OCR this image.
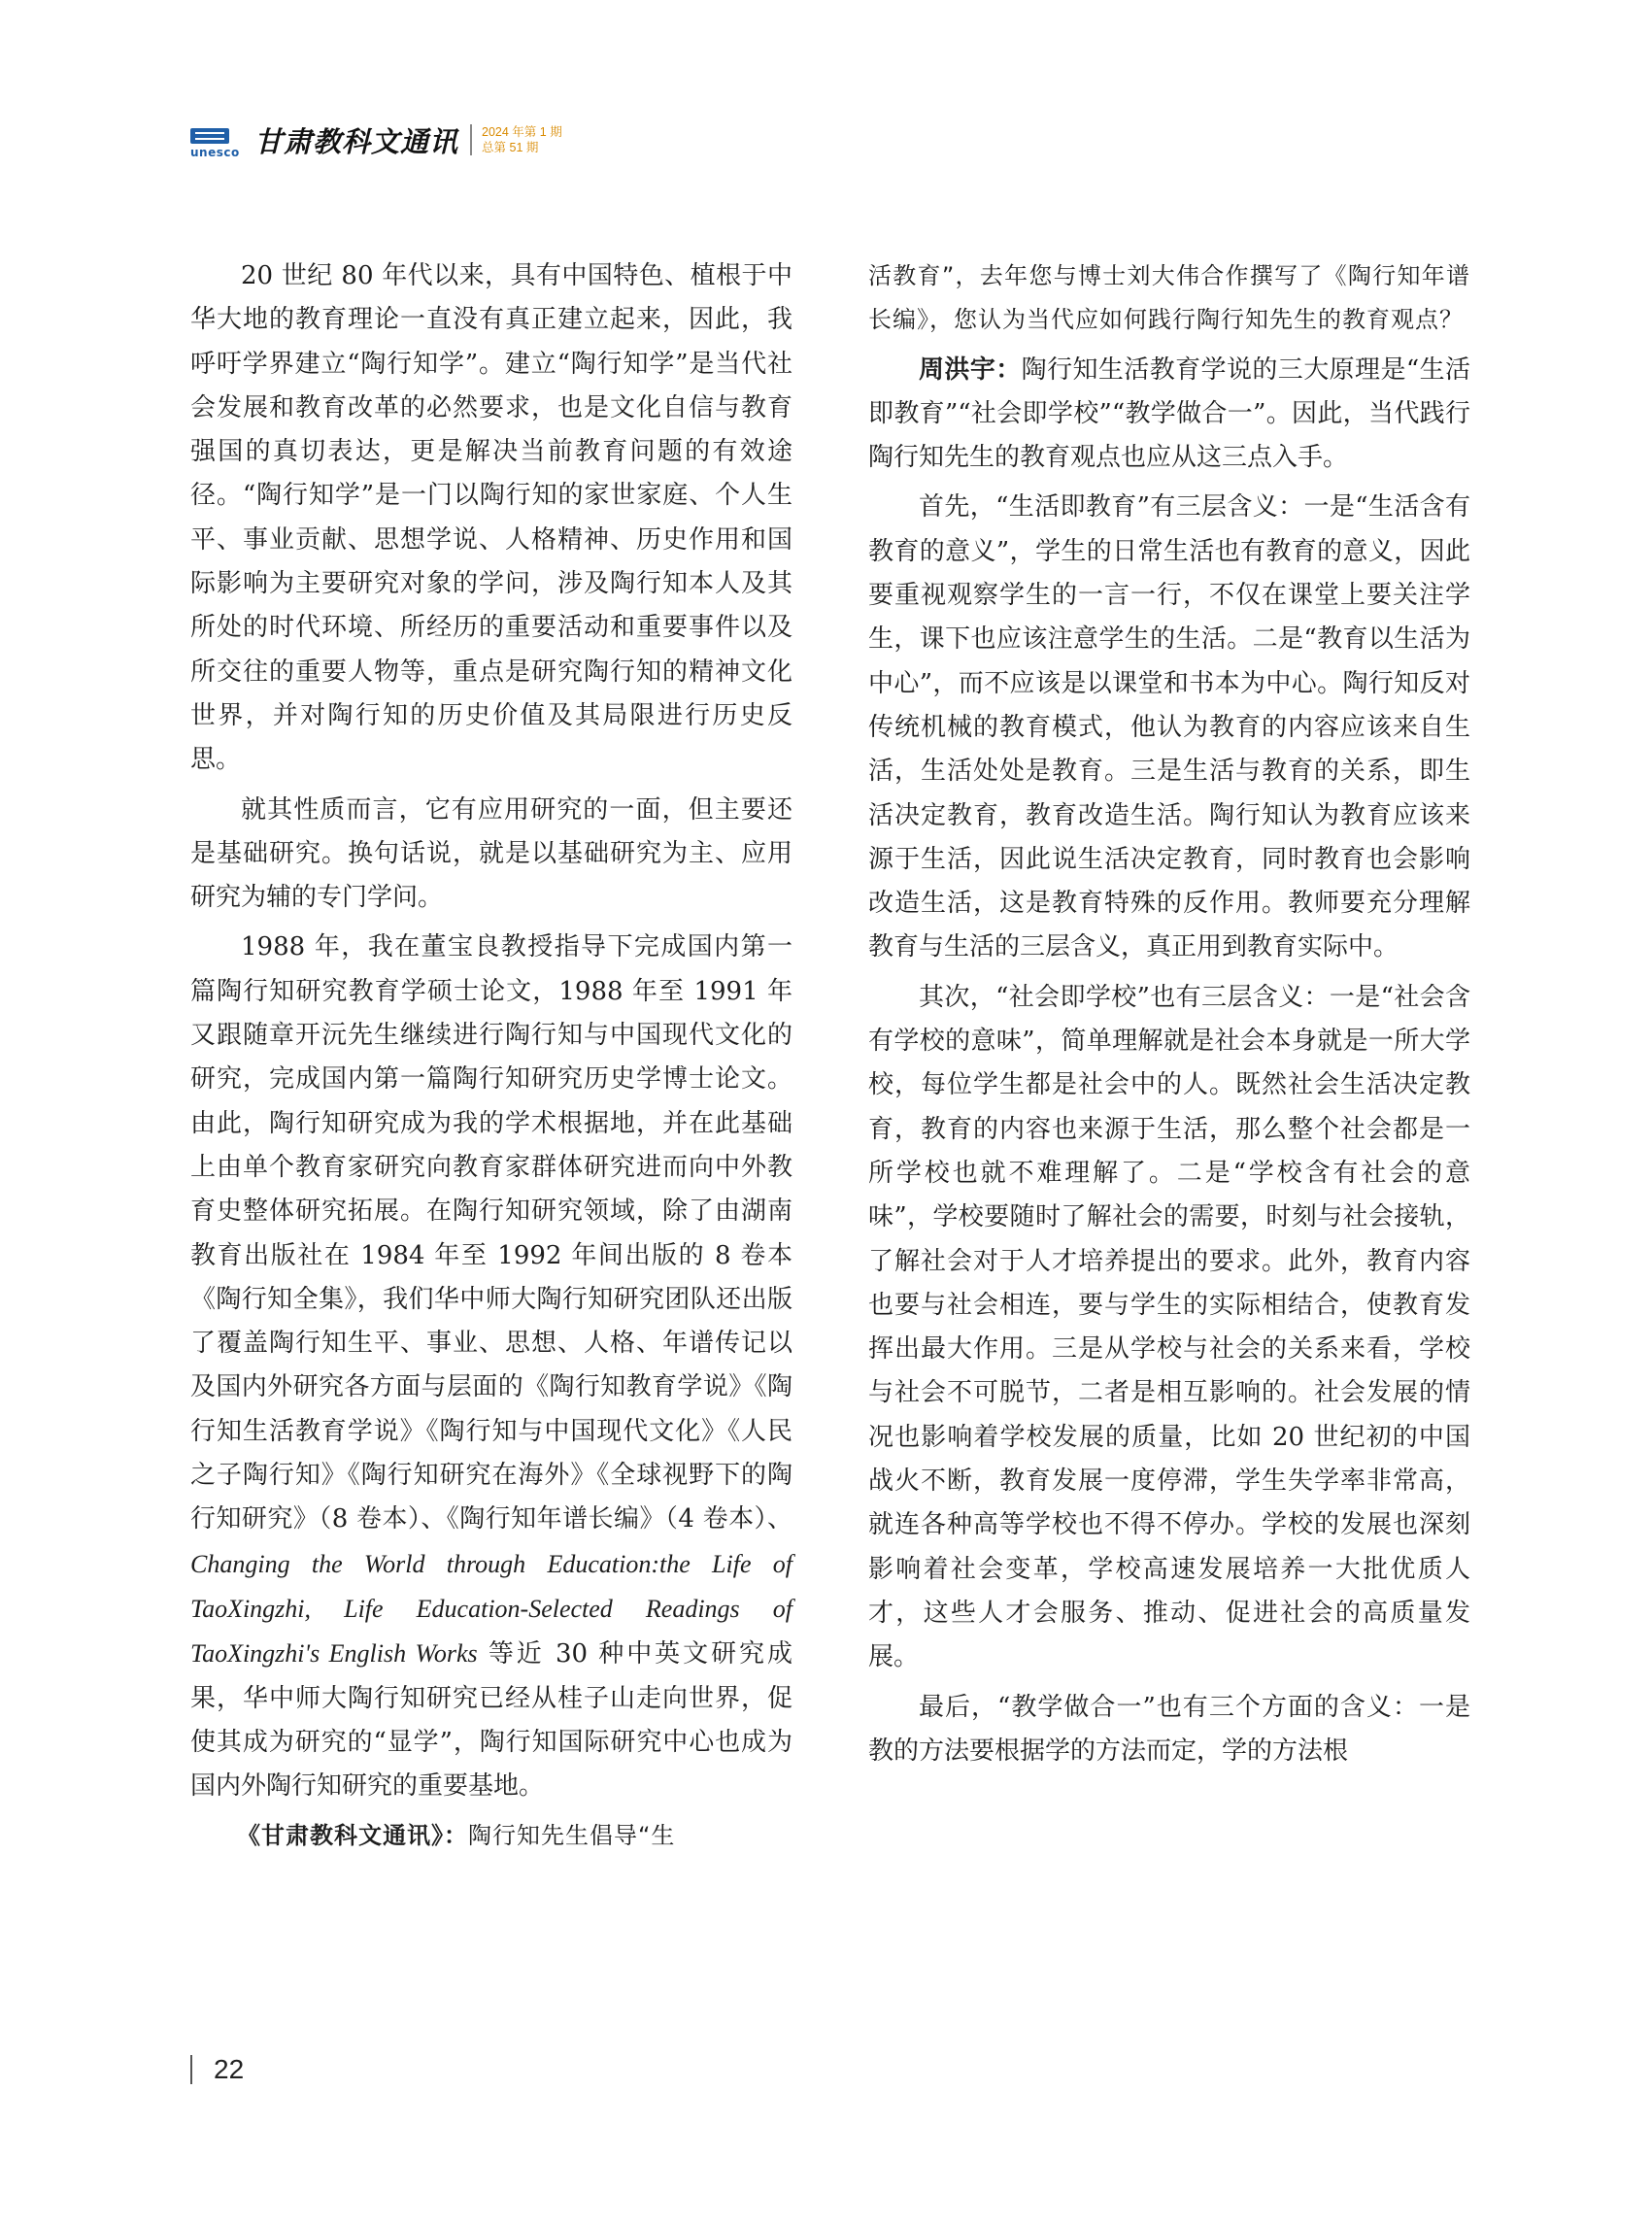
unesco 甘肃教科文通讯 2024 年第 1 期
总第 51 期

20 世纪 80 年代以来，具有中国特色、植根于中华大地的教育理论一直没有真正建立起来，因此，我呼吁学界建立“陶行知学”。建立“陶行知学”是当代社会发展和教育改革的必然要求，也是文化自信与教育强国的真切表达，更是解决当前教育问题的有效途径。“陶行知学”是一门以陶行知的家世家庭、个人生平、事业贡献、思想学说、人格精神、历史作用和国际影响为主要研究对象的学问，涉及陶行知本人及其所处的时代环境、所经历的重要活动和重要事件以及所交往的重要人物等，重点是研究陶行知的精神文化世界，并对陶行知的历史价值及其局限进行历史反思。

就其性质而言，它有应用研究的一面，但主要还是基础研究。换句话说，就是以基础研究为主、应用研究为辅的专门学问。

1988 年，我在董宝良教授指导下完成国内第一篇陶行知研究教育学硕士论文，1988 年至 1991 年又跟随章开沅先生继续进行陶行知与中国现代文化的研究，完成国内第一篇陶行知研究历史学博士论文。由此，陶行知研究成为我的学术根据地，并在此基础上由单个教育家研究向教育家群体研究进而向中外教育史整体研究拓展。在陶行知研究领域，除了由湖南教育出版社在 1984 年至 1992 年间出版的 8 卷本《陶行知全集》，我们华中师大陶行知研究团队还出版了覆盖陶行知生平、事业、思想、人格、年谱传记以及国内外研究各方面与层面的《陶行知教育学说》《陶行知生活教育学说》《陶行知与中国现代文化》《人民之子陶行知》《陶行知研究在海外》《全球视野下的陶行知研究》（8 卷本）、《陶行知年谱长编》（4 卷本）、Changing the World through Education:the Life of TaoXingzhi, Life Education-Selected Readings of TaoXingzhi's English Works 等近 30 种中英文研究成果，华中师大陶行知研究已经从桂子山走向世界，促使其成为研究的“显学”，陶行知国际研究中心也成为国内外陶行知研究的重要基地。

《甘肃教科文通讯》：陶行知先生倡导“生

活教育”，去年您与博士刘大伟合作撰写了《陶行知年谱长编》，您认为当代应如何践行陶行知先生的教育观点？

周洪宇：陶行知生活教育学说的三大原理是“生活即教育”“社会即学校”“教学做合一”。因此，当代践行陶行知先生的教育观点也应从这三点入手。

首先，“生活即教育”有三层含义：一是“生活含有教育的意义”，学生的日常生活也有教育的意义，因此要重视观察学生的一言一行，不仅在课堂上要关注学生，课下也应该注意学生的生活。二是“教育以生活为中心”，而不应该是以课堂和书本为中心。陶行知反对传统机械的教育模式，他认为教育的内容应该来自生活，生活处处是教育。三是生活与教育的关系，即生活决定教育，教育改造生活。陶行知认为教育应该来源于生活，因此说生活决定教育，同时教育也会影响改造生活，这是教育特殊的反作用。教师要充分理解教育与生活的三层含义，真正用到教育实际中。

其次，“社会即学校”也有三层含义：一是“社会含有学校的意味”，简单理解就是社会本身就是一所大学校，每位学生都是社会中的人。既然社会生活决定教育，教育的内容也来源于生活，那么整个社会都是一所学校也就不难理解了。二是“学校含有社会的意味”，学校要随时了解社会的需要，时刻与社会接轨，了解社会对于人才培养提出的要求。此外，教育内容也要与社会相连，要与学生的实际相结合，使教育发挥出最大作用。三是从学校与社会的关系来看，学校与社会不可脱节，二者是相互影响的。社会发展的情况也影响着学校发展的质量，比如 20 世纪初的中国战火不断，教育发展一度停滞，学生失学率非常高，就连各种高等学校也不得不停办。学校的发展也深刻影响着社会变革，学校高速发展培养一大批优质人才，这些人才会服务、推动、促进社会的高质量发展。

最后，“教学做合一”也有三个方面的含义：一是教的方法要根据学的方法而定，学的方法根

22
